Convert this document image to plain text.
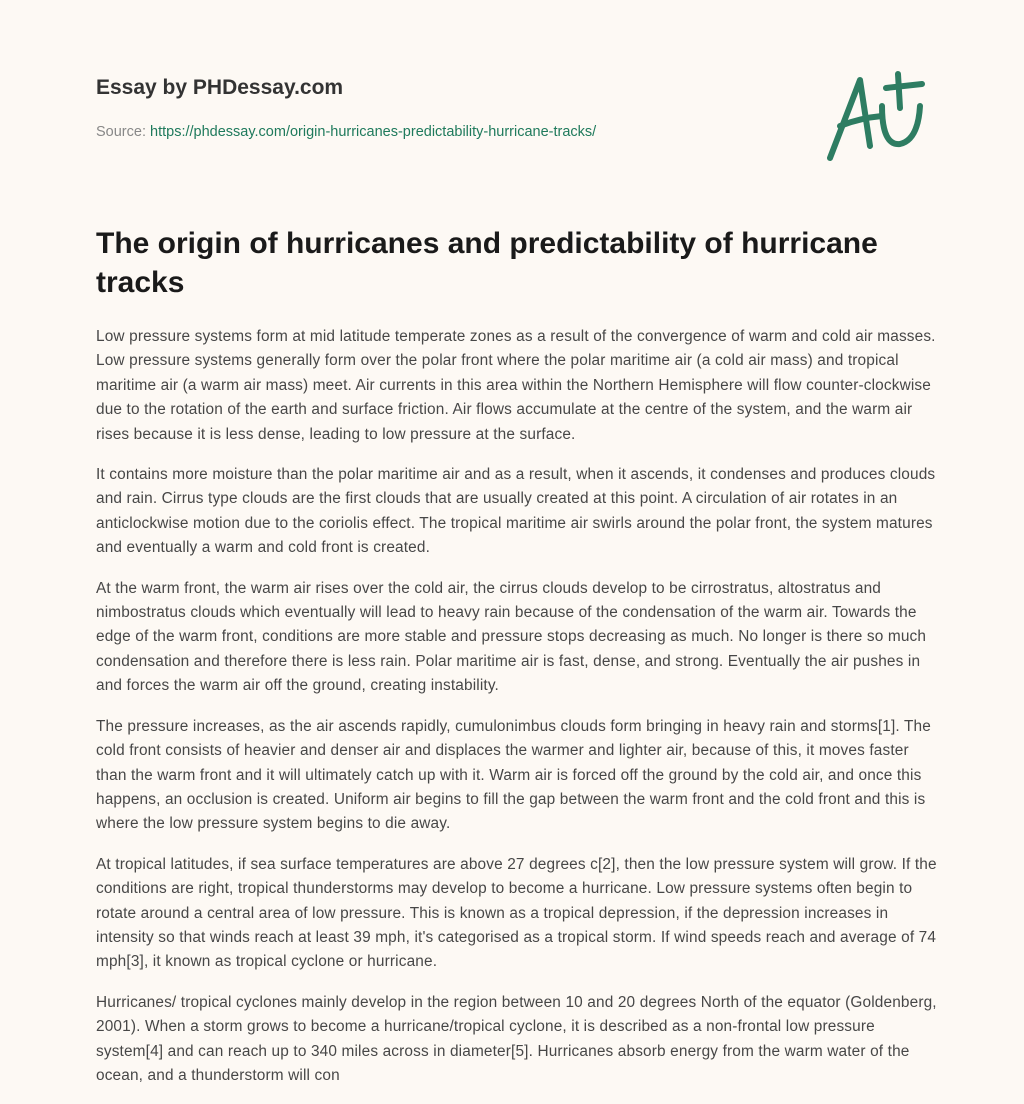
Essay by PHDessay.com
Source: https://phdessay.com/origin-hurricanes-predictability-hurricane-tracks/
The origin of hurricanes and predictability of hurricane tracks

Low pressure systems form at mid latitude temperate zones as a result of the convergence of warm and cold air masses. Low pressure systems generally form over the polar front where the polar maritime air (a cold air mass) and tropical maritime air (a warm air mass) meet. Air currents in this area within the Northern Hemisphere will flow counter-clockwise due to the rotation of the earth and surface friction. Air flows accumulate at the centre of the system, and the warm air rises because it is less dense, leading to low pressure at the surface.

It contains more moisture than the polar maritime air and as a result, when it ascends, it condenses and produces clouds and rain. Cirrus type clouds are the first clouds that are usually created at this point. A circulation of air rotates in an anticlockwise motion due to the coriolis effect. The tropical maritime air swirls around the polar front, the system matures and eventually a warm and cold front is created.

At the warm front, the warm air rises over the cold air, the cirrus clouds develop to be cirrostratus, altostratus and nimbostratus clouds which eventually will lead to heavy rain because of the condensation of the warm air. Towards the edge of the warm front, conditions are more stable and pressure stops decreasing as much. No longer is there so much condensation and therefore there is less rain. Polar maritime air is fast, dense, and strong. Eventually the air pushes in and forces the warm air off the ground, creating instability.

The pressure increases, as the air ascends rapidly, cumulonimbus clouds form bringing in heavy rain and storms[1]. The cold front consists of heavier and denser air and displaces the warmer and lighter air, because of this, it moves faster than the warm front and it will ultimately catch up with it. Warm air is forced off the ground by the cold air, and once this happens, an occlusion is created. Uniform air begins to fill the gap between the warm front and the cold front and this is where the low pressure system begins to die away.

At tropical latitudes, if sea surface temperatures are above 27 degrees c[2], then the low pressure system will grow. If the conditions are right, tropical thunderstorms may develop to become a hurricane. Low pressure systems often begin to rotate around a central area of low pressure. This is known as a tropical depression, if the depression increases in intensity so that winds reach at least 39 mph, it's categorised as a tropical storm. If wind speeds reach and average of 74 mph[3], it known as tropical cyclone or hurricane.

Hurricanes/ tropical cyclones mainly develop in the region between 10 and 20 degrees North of the equator (Goldenberg, 2001). When a storm grows to become a hurricane/tropical cyclone, it is described as a non-frontal low pressure system[4] and can reach up to 340 miles across in diameter[5]. Hurricanes absorb energy from the warm water of the ocean, and a thunderstorm will con
